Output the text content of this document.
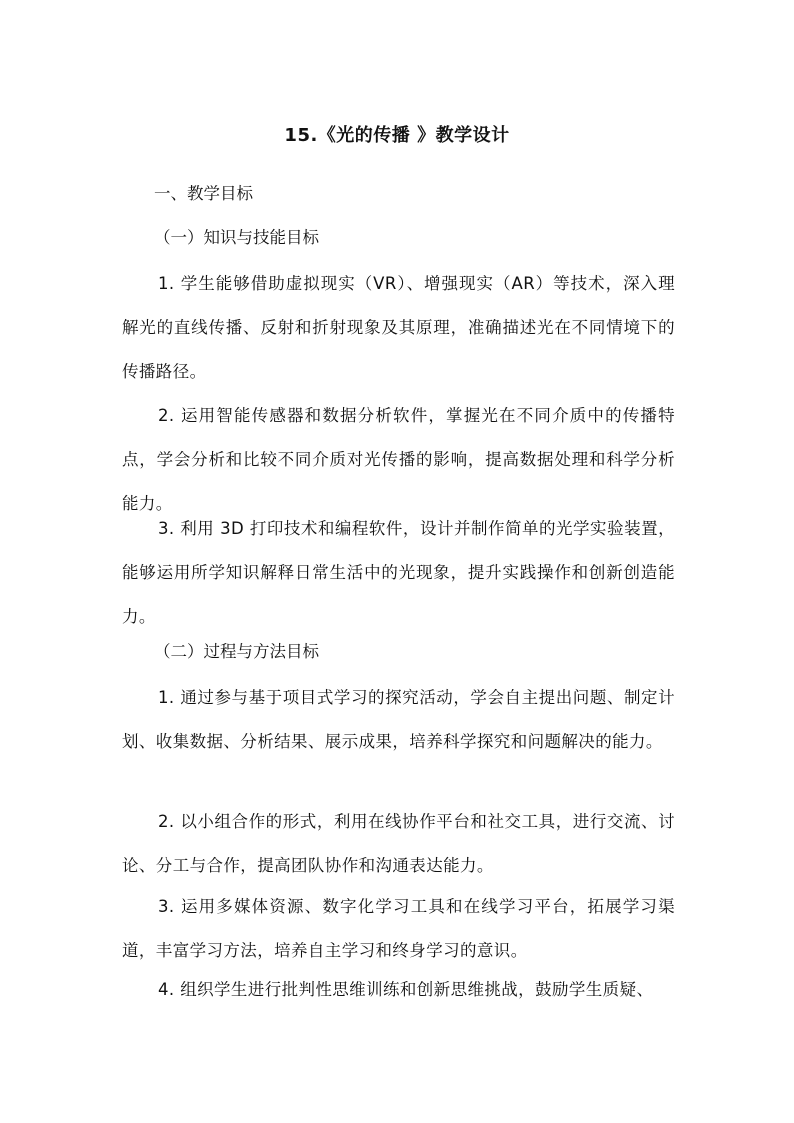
15.《光的传播 》教学设计
一、教学目标
（一）知识与技能目标

1. 学生能够借助虚拟现实（VR）、增强现实（AR）等技术，深入理解光的直线传播、反射和折射现象及其原理，准确描述光在不同情境下的传播路径。

2. 运用智能传感器和数据分析软件，掌握光在不同介质中的传播特点，学会分析和比较不同介质对光传播的影响，提高数据处理和科学分析能力。

3. 利用 3D 打印技术和编程软件，设计并制作简单的光学实验装置，能够运用所学知识解释日常生活中的光现象，提升实践操作和创新创造能力。

（二）过程与方法目标

1. 通过参与基于项目式学习的探究活动，学会自主提出问题、制定计划、收集数据、分析结果、展示成果，培养科学探究和问题解决的能力。

2. 以小组合作的形式，利用在线协作平台和社交工具，进行交流、讨论、分工与合作，提高团队协作和沟通表达能力。

3. 运用多媒体资源、数字化学习工具和在线学习平台，拓展学习渠道，丰富学习方法，培养自主学习和终身学习的意识。

4. 组织学生进行批判性思维训练和创新思维挑战，鼓励学生质疑、
